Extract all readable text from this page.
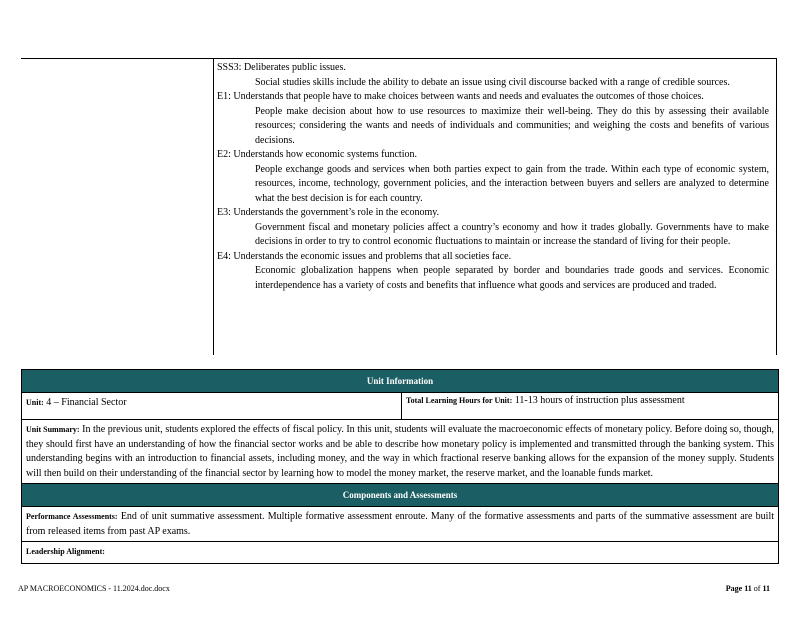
SSS3: Deliberates public issues.
Social studies skills include the ability to debate an issue using civil discourse backed with a range of credible sources.
E1: Understands that people have to make choices between wants and needs and evaluates the outcomes of those choices.
People make decision about how to use resources to maximize their well-being. They do this by assessing their available resources; considering the wants and needs of individuals and communities; and weighing the costs and benefits of various decisions.
E2: Understands how economic systems function.
People exchange goods and services when both parties expect to gain from the trade. Within each type of economic system, resources, income, technology, government policies, and the interaction between buyers and sellers are analyzed to determine what the best decision is for each country.
E3: Understands the government’s role in the economy.
Government fiscal and monetary policies affect a country’s economy and how it trades globally. Governments have to make decisions in order to try to control economic fluctuations to maintain or increase the standard of living for their people.
E4: Understands the economic issues and problems that all societies face.
Economic globalization happens when people separated by border and boundaries trade goods and services. Economic interdependence has a variety of costs and benefits that influence what goods and services are produced and traded.
Unit Information
Unit: 4 – Financial Sector	Total Learning Hours for Unit: 11-13 hours of instruction plus assessment
Unit Summary: In the previous unit, students explored the effects of fiscal policy. In this unit, students will evaluate the macroeconomic effects of monetary policy. Before doing so, though, they should first have an understanding of how the financial sector works and be able to describe how monetary policy is implemented and transmitted through the banking system. This understanding begins with an introduction to financial assets, including money, and the way in which fractional reserve banking allows for the expansion of the money supply. Students will then build on their understanding of the financial sector by learning how to model the money market, the reserve market, and the loanable funds market.
Components and Assessments
Performance Assessments: End of unit summative assessment. Multiple formative assessment enroute. Many of the formative assessments and parts of the summative assessment are built from released items from past AP exams.
Leadership Alignment:
AP MACROECONOMICS - 11.2024.doc.docx	Page 11 of 11
